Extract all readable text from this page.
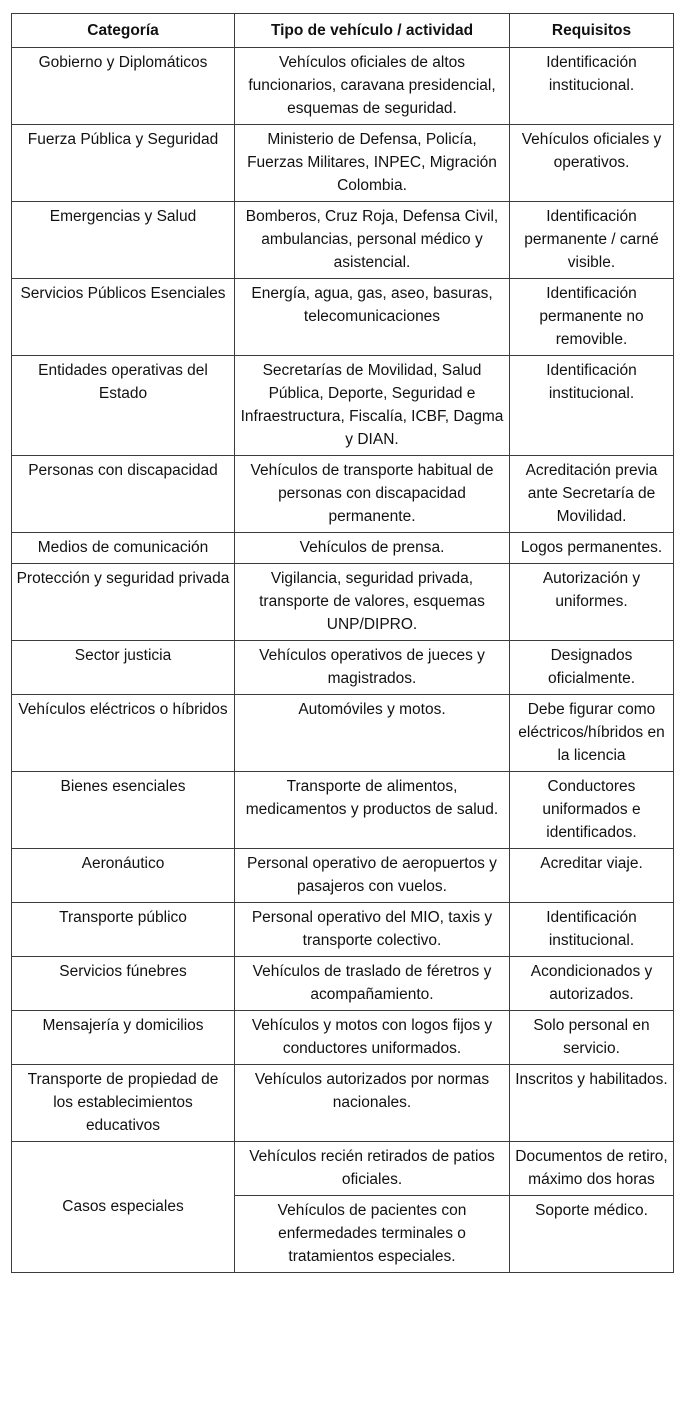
Categoría	Tipo de vehículo / actividad	Requisitos
Gobierno y Diplomáticos	Vehículos oficiales de altos funcionarios, caravana presidencial, esquemas de seguridad.	Identificación institucional.
Fuerza Pública y Seguridad	Ministerio de Defensa, Policía, Fuerzas Militares, INPEC, Migración Colombia.	Vehículos oficiales y operativos.
Emergencias y Salud	Bomberos, Cruz Roja, Defensa Civil, ambulancias, personal médico y asistencial.	Identificación permanente / carné visible.
Servicios Públicos Esenciales	Energía, agua, gas, aseo, basuras, telecomunicaciones	Identificación permanente no removible.
Entidades operativas del Estado	Secretarías de Movilidad, Salud Pública, Deporte, Seguridad e Infraestructura, Fiscalía, ICBF, Dagma y DIAN.	Identificación institucional.
Personas con discapacidad	Vehículos de transporte habitual de personas con discapacidad permanente.	Acreditación previa ante Secretaría de Movilidad.
Medios de comunicación	Vehículos de prensa.	Logos permanentes.
Protección y seguridad privada	Vigilancia, seguridad privada, transporte de valores, esquemas UNP/DIPRO.	Autorización y uniformes.
Sector justicia	Vehículos operativos de jueces y magistrados.	Designados oficialmente.
Vehículos eléctricos o híbridos	Automóviles y motos.	Debe figurar como eléctricos/híbridos en la licencia
Bienes esenciales	Transporte de alimentos, medicamentos y productos de salud.	Conductores uniformados e identificados.
Aeronáutico	Personal operativo de aeropuertos y pasajeros con vuelos.	Acreditar viaje.
Transporte público	Personal operativo del MIO, taxis y transporte colectivo.	Identificación institucional.
Servicios fúnebres	Vehículos de traslado de féretros y acompañamiento.	Acondicionados y autorizados.
Mensajería y domicilios	Vehículos y motos con logos fijos y conductores uniformados.	Solo personal en servicio.
Transporte de propiedad de los establecimientos educativos	Vehículos autorizados por normas nacionales.	Inscritos y habilitados.
Casos especiales	Vehículos recién retirados de patios oficiales.	Documentos de retiro, máximo dos horas
	Vehículos de pacientes con enfermedades terminales o tratamientos especiales.	Soporte médico.
